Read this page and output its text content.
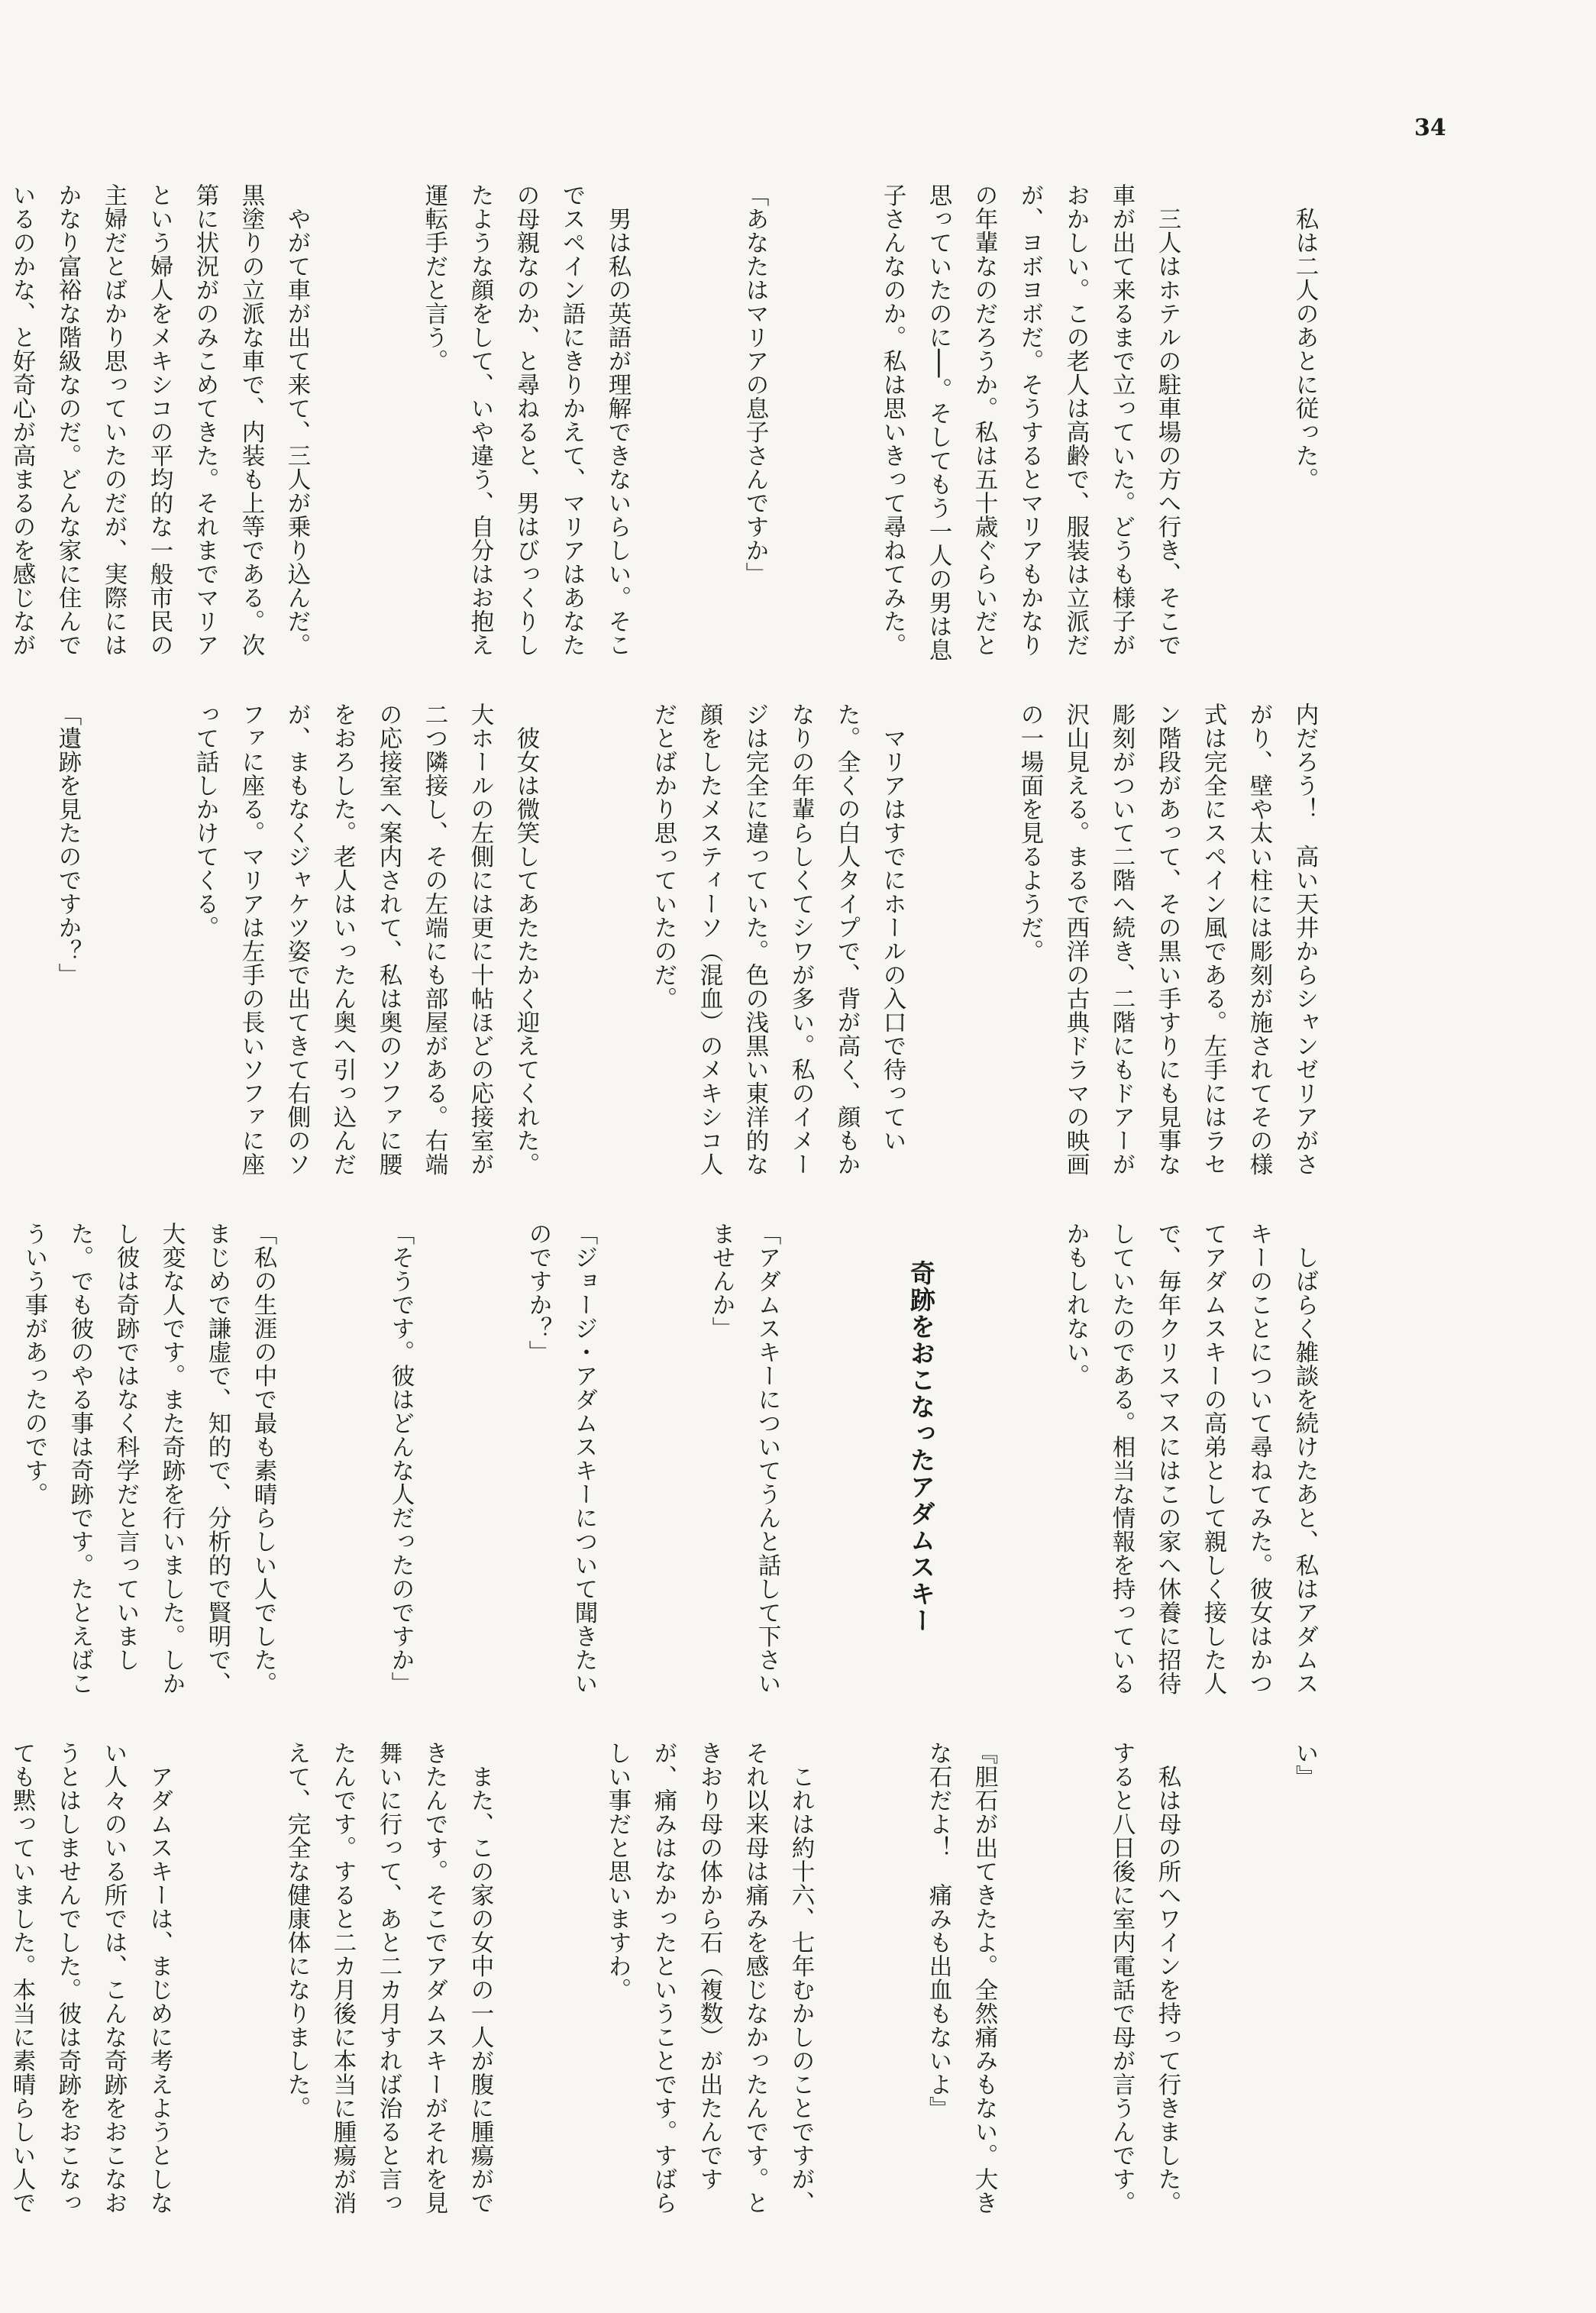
34

　私は二人のあとに従った。

　三人はホテルの駐車場の方へ行き、そこで車が出て来るまで立っていた。どうも様子がおかしい。この老人は高齢で、服装は立派だが、ヨボヨボだ。そうするとマリアもかなりの年輩なのだろうか。私は五十歳ぐらいだと思っていたのに──。そしてもう一人の男は息子さんなのか。私は思いきって尋ねてみた。

「あなたはマリアの息子さんですか」

　男は私の英語が理解できないらしい。そこでスペイン語にきりかえて、マリアはあなたの母親なのか、と尋ねると、男はびっくりしたような顔をして、いや違う、自分はお抱え運転手だと言う。

　やがて車が出て来て、三人が乗り込んだ。黒塗りの立派な車で、内装も上等である。次第に状況がのみこめてきた。それまでマリアという婦人をメキシコの平均的な一般市民の主婦だとばかり思っていたのだが、実際にはかなり富裕な階級なのだ。どんな家に住んでいるのかな、と好奇心が高まるのを感じなが

内だろう！　高い天井からシャンゼリアがさがり、壁や太い柱には彫刻が施されてその様式は完全にスペイン風である。左手にはラセン階段があって、その黒い手すりにも見事な彫刻がついて二階へ続き、二階にもドアーが沢山見える。まるで西洋の古典ドラマの映画の一場面を見るようだ。

　マリアはすでにホールの入口で待っていた。全くの白人タイプで、背が高く、顔もかなりの年輩らしくてシワが多い。私のイメージは完全に違っていた。色の浅黒い東洋的な顔をしたメスティーソ（混血）のメキシコ人だとばかり思っていたのだ。

　彼女は微笑してあたたかく迎えてくれた。大ホールの左側には更に十帖ほどの応接室が二つ隣接し、その左端にも部屋がある。右端の応接室へ案内されて、私は奥のソファに腰をおろした。老人はいったん奥へ引っ込んだが、まもなくジャケツ姿で出てきて右側のソファに座る。マリアは左手の長いソファに座って話しかけてくる。

「遺跡を見たのですか？」

　しばらく雑談を続けたあと、私はアダムスキーのことについて尋ねてみた。彼女はかつてアダムスキーの高弟として親しく接した人で、毎年クリスマスにはこの家へ休養に招待していたのである。相当な情報を持っているかもしれない。

奇跡をおこなったアダムスキー

「アダムスキーについてうんと話して下さいませんか」

「ジョージ・アダムスキーについて聞きたいのですか？」

「そうです。彼はどんな人だったのですか」

「私の生涯の中で最も素晴らしい人でした。まじめで謙虚で、知的で、分析的で賢明で、大変な人です。また奇跡を行いました。しかし彼は奇跡ではなく科学だと言っていました。でも彼のやる事は奇跡です。たとえばこういう事があったのです。

い』

　私は母の所へワインを持って行きました。すると八日後に室内電話で母が言うんです。

『胆石が出てきたよ。全然痛みもない。大きな石だよ！　痛みも出血もないよ』

　これは約十六、七年むかしのことですが、それ以来母は痛みを感じなかったんです。ときおり母の体から石（複数）が出たんですが、痛みはなかったということです。すばらしい事だと思いますわ。

　また、この家の女中の一人が腹に腫瘍ができたんです。そこでアダムスキーがそれを見舞いに行って、あと二カ月すれば治ると言ったんです。すると二カ月後に本当に腫瘍が消えて、完全な健康体になりました。

　アダムスキーは、まじめに考えようとしない人々のいる所では、こんな奇跡をおこなおうとはしませんでした。彼は奇跡をおこなっても黙っていました。本当に素晴らしい人で
